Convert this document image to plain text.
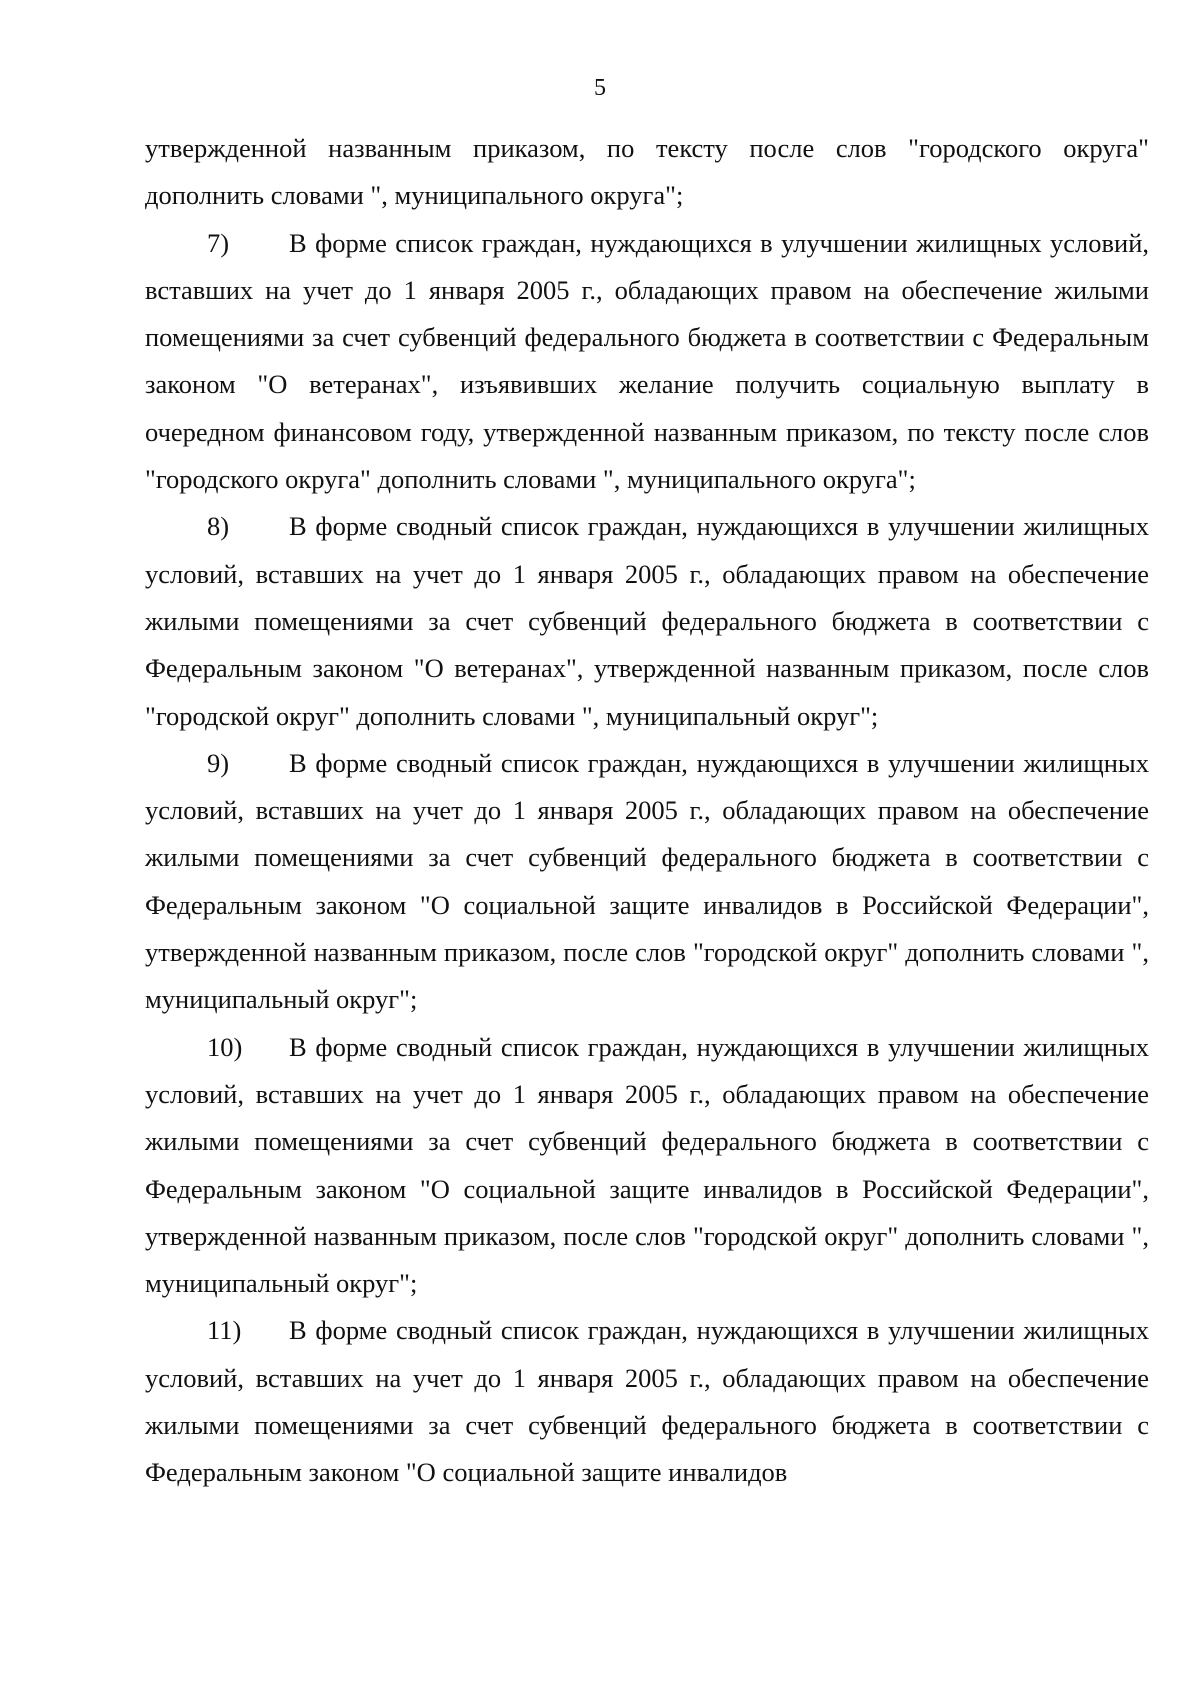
5

утвержденной названным приказом, по тексту после слов "городского округа" дополнить словами ", муниципального округа";

7) В форме список граждан, нуждающихся в улучшении жилищных условий, вставших на учет до 1 января 2005 г., обладающих правом на обеспечение жилыми помещениями за счет субвенций федерального бюджета в соответствии с Федеральным законом "О ветеранах", изъявивших желание получить социальную выплату в очередном финансовом году, утвержденной названным приказом, по тексту после слов "городского округа" дополнить словами ", муниципального округа";

8) В форме сводный список граждан, нуждающихся в улучшении жилищных условий, вставших на учет до 1 января 2005 г., обладающих правом на обеспечение жилыми помещениями за счет субвенций федерального бюджета в соответствии с Федеральным законом "О ветеранах", утвержденной названным приказом, после слов "городской округ" дополнить словами ", муниципальный округ";

9) В форме сводный список граждан, нуждающихся в улучшении жилищных условий, вставших на учет до 1 января 2005 г., обладающих правом на обеспечение жилыми помещениями за счет субвенций федерального бюджета в соответствии с Федеральным законом "О социальной защите инвалидов в Российской Федерации", утвержденной названным приказом, после слов "городской округ" дополнить словами ", муниципальный округ";

10) В форме сводный список граждан, нуждающихся в улучшении жилищных условий, вставших на учет до 1 января 2005 г., обладающих правом на обеспечение жилыми помещениями за счет субвенций федерального бюджета в соответствии с Федеральным законом "О социальной защите инвалидов в Российской Федерации", утвержденной названным приказом, после слов "городской округ" дополнить словами ", муниципальный округ";

11) В форме сводный список граждан, нуждающихся в улучшении жилищных условий, вставших на учет до 1 января 2005 г., обладающих правом на обеспечение жилыми помещениями за счет субвенций федерального бюджета в соответствии с Федеральным законом "О социальной защите инвалидов
